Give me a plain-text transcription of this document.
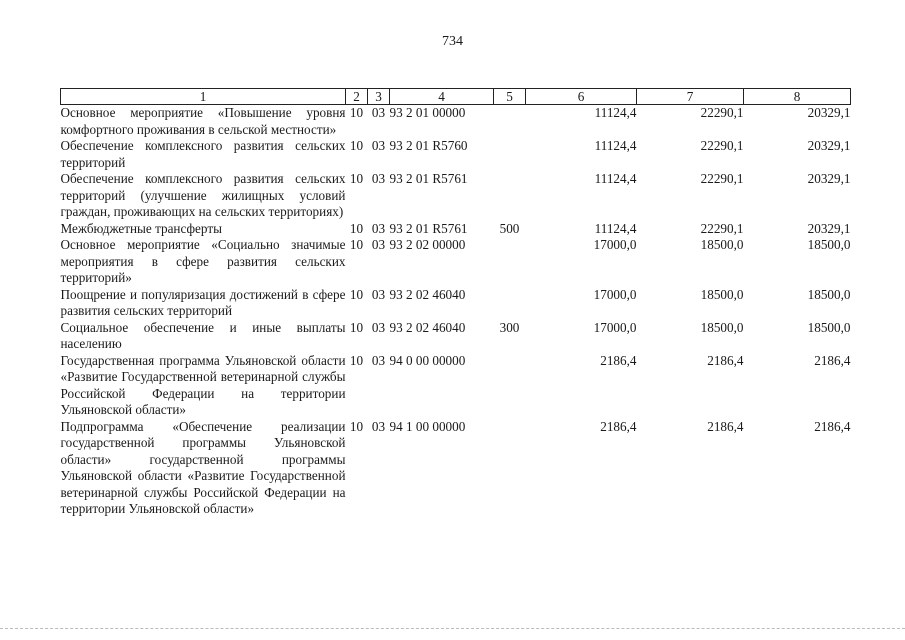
734
1	2	3	4	5	6	7	8
Основное мероприятие «Повышение уровня комфортного проживания в сельской местности»	10	03	93 2 01 00000		11124,4	22290,1	20329,1
Обеспечение комплексного развития сельских территорий	10	03	93 2 01 R5760		11124,4	22290,1	20329,1
Обеспечение комплексного развития сельских территорий (улучшение жилищных условий граждан, проживающих на сельских территориях)	10	03	93 2 01 R5761		11124,4	22290,1	20329,1
Межбюджетные трансферты	10	03	93 2 01 R5761	500	11124,4	22290,1	20329,1
Основное мероприятие «Социально значимые мероприятия в сфере развития сельских территорий»	10	03	93 2 02 00000		17000,0	18500,0	18500,0
Поощрение и популяризация достижений в сфере развития сельских территорий	10	03	93 2 02 46040		17000,0	18500,0	18500,0
Социальное обеспечение и иные выплаты населению	10	03	93 2 02 46040	300	17000,0	18500,0	18500,0
Государственная программа Ульяновской области «Развитие Государственной ветеринарной службы Российской Федерации на территории Ульяновской области»	10	03	94 0 00 00000		2186,4	2186,4	2186,4
Подпрограмма «Обеспечение реализации государственной программы Ульяновской области» государственной программы Ульяновской области «Развитие Государственной ветеринарной службы Российской Федерации на территории Ульяновской области»	10	03	94 1 00 00000		2186,4	2186,4	2186,4
